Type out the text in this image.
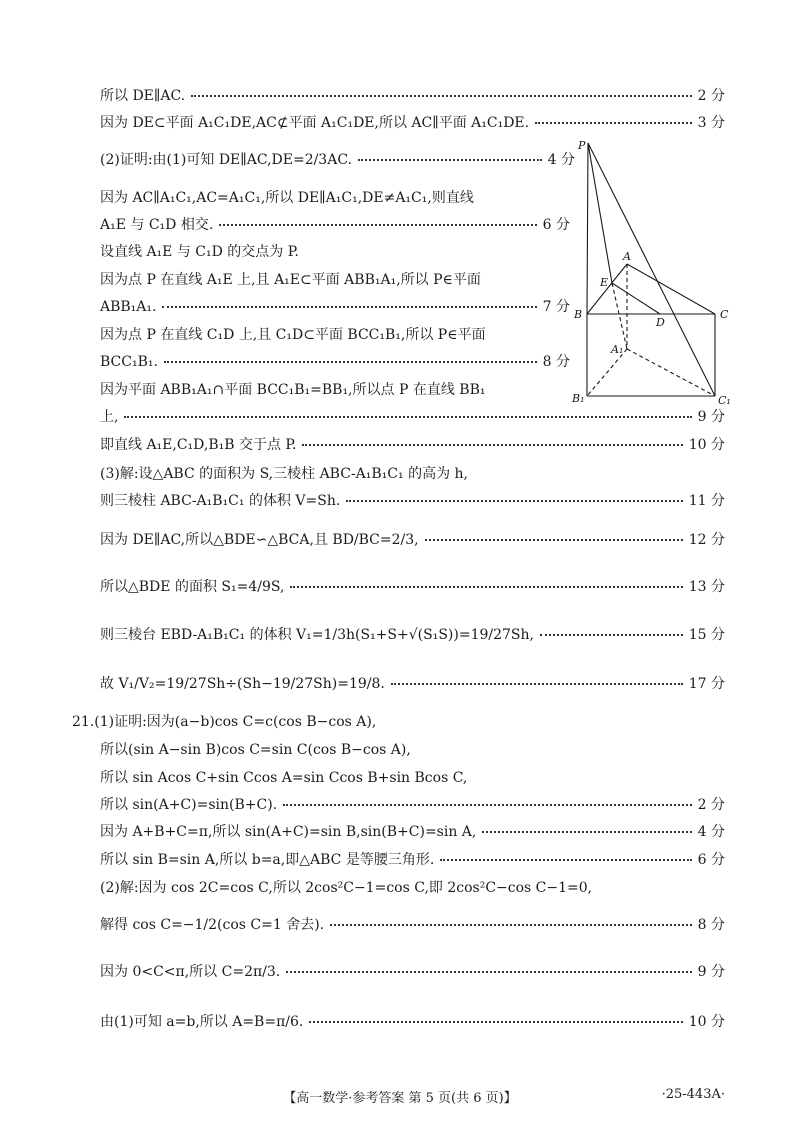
所以 DE∥AC.	2 分
因为 DE⊂平面 A₁C₁DE,AC⊄平面 A₁C₁DE,所以 AC∥平面 A₁C₁DE.	3 分
(2)证明:由(1)可知 DE∥AC,DE=2/3AC.	4 分
因为 AC∥A₁C₁,AC=A₁C₁,所以 DE∥A₁C₁,DE≠A₁C₁,则直线
A₁E 与 C₁D 相交.	6 分
设直线 A₁E 与 C₁D 的交点为 P.
因为点 P 在直线 A₁E 上,且 A₁E⊂平面 ABB₁A₁,所以 P∈平面
ABB₁A₁.	7 分
因为点 P 在直线 C₁D 上,且 C₁D⊂平面 BCC₁B₁,所以 P∈平面
BCC₁B₁.	8 分
因为平面 ABB₁A₁∩平面 BCC₁B₁=BB₁,所以点 P 在直线 BB₁
上,	9 分
即直线 A₁E,C₁D,B₁B 交于点 P.	10 分
(3)解:设△ABC 的面积为 S,三棱柱 ABC-A₁B₁C₁ 的高为 h,
则三棱柱 ABC-A₁B₁C₁ 的体积 V=Sh.	11 分
因为 DE∥AC,所以△BDE∽△BCA,且 BD/BC=2/3,	12 分
所以△BDE 的面积 S₁=4/9S,	13 分
则三棱台 EBD-A₁B₁C₁ 的体积 V₁=1/3h(S₁+S+√(S₁S))=19/27Sh,	15 分
故 V₁/V₂=19/27Sh÷(Sh−19/27Sh)=19/8.	17 分
21.(1)证明:因为(a−b)cos C=c(cos B−cos A),
所以(sin A−sin B)cos C=sin C(cos B−cos A),
所以 sin Acos C+sin Ccos A=sin Ccos B+sin Bcos C,
所以 sin(A+C)=sin(B+C).	2 分
因为 A+B+C=π,所以 sin(A+C)=sin B,sin(B+C)=sin A,	4 分
所以 sin B=sin A,所以 b=a,即△ABC 是等腰三角形.	6 分
(2)解:因为 cos 2C=cos C,所以 2cos²C−1=cos C,即 2cos²C−cos C−1=0,
解得 cos C=−1/2(cos C=1 舍去).	8 分
因为 0<C<π,所以 C=2π/3.	9 分
由(1)可知 a=b,所以 A=B=π/6.	10 分
P
A
E
B
D
C
A₁
B₁	C₁
【高一数学·参考答案 第 5 页(共 6 页)】	·25-443A·
